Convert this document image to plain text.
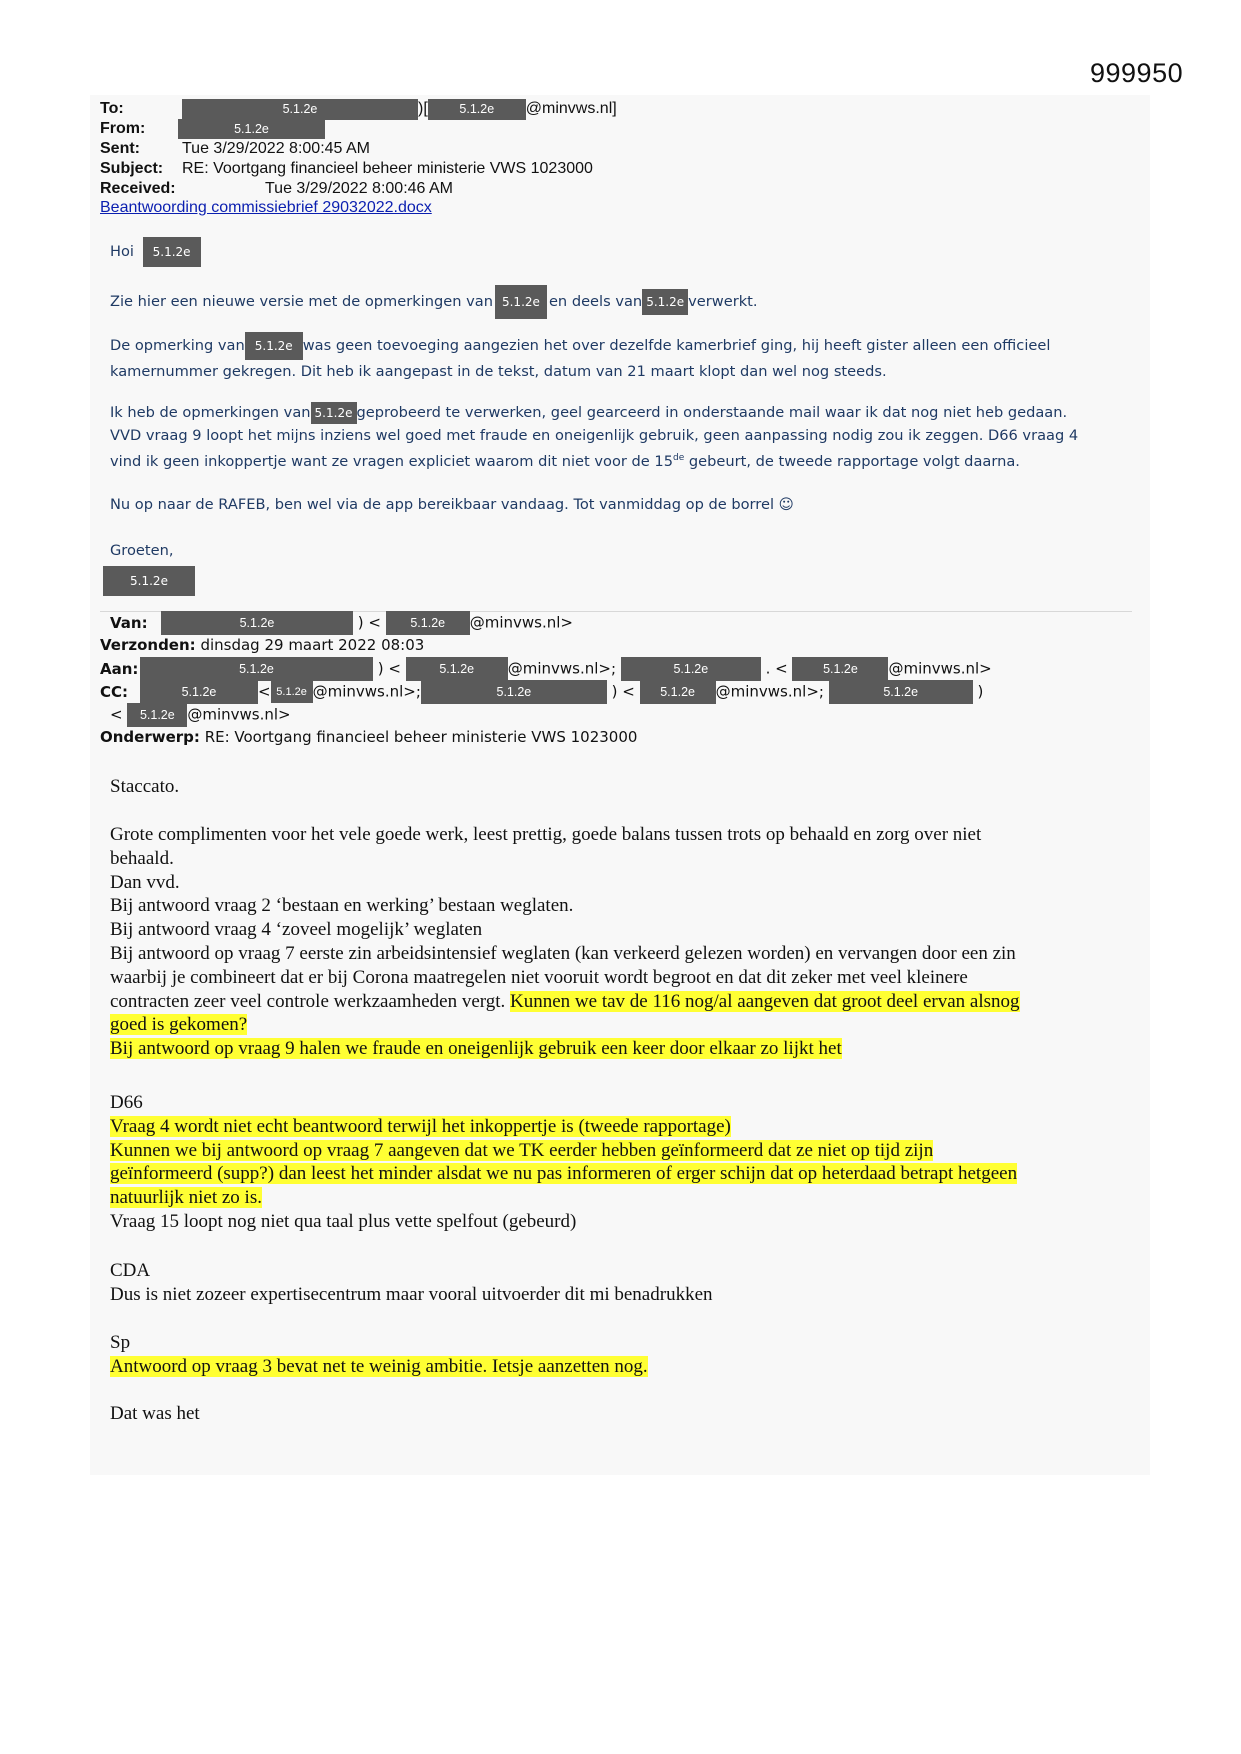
999950
To:	5.1.2e	)[	5.1.2e @minvws.nl]
From:	5.1.2e
Sent:	Tue 3/29/2022 8:00:45 AM
Subject: RE: Voortgang financieel beheer ministerie VWS 1023000
Received:	Tue 3/29/2022 8:00:46 AM
Beantwoording commissiebrief 29032022.docx
Hoi 5.1.2e
Zie hier een nieuwe versie met de opmerkingen van 5.1.2e en deels van 5.1.2e verwerkt.
De opmerking van 5.1.2e was geen toevoeging aangezien het over dezelfde kamerbrief ging, hij heeft gister alleen een officieel
kamernummer gekregen. Dit heb ik aangepast in de tekst, datum van 21 maart klopt dan wel nog steeds.
Ik heb de opmerkingen van 5.1.2e geprobeerd te verwerken, geel gearceerd in onderstaande mail waar ik dat nog niet heb gedaan.
VVD vraag 9 loopt het mijns inziens wel goed met fraude en oneigenlijk gebruik, geen aanpassing nodig zou ik zeggen. D66 vraag 4
vind ik geen inkoppertje want ze vragen expliciet waarom dit niet voor de 15de gebeurt, de tweede rapportage volgt daarna.
Nu op naar de RAFEB, ben wel via de app bereikbaar vandaag. Tot vanmiddag op de borrel ☺
Groeten,
5.1.2e
Van:	5.1.2e	) < 5.1.2e @minvws.nl>
Verzonden: dinsdag 29 maart 2022 08:03
Aan:	5.1.2e	) <	5.1.2e @minvws.nl>;	5.1.2e	. < 5.1.2e @minvws.nl>
CC:	5.1.2e	< 5.1.2e @minvws.nl>;	5.1.2e	) < 5.1.2e @minvws.nl>;	5.1.2e	)
< 5.1.2e @minvws.nl>
Onderwerp: RE: Voortgang financieel beheer ministerie VWS 1023000
Staccato.

Grote complimenten voor het vele goede werk, leest prettig, goede balans tussen trots op behaald en zorg over niet

behaald.

Dan vvd.

Bij antwoord vraag 2 ‘bestaan en werking’ bestaan weglaten.

Bij antwoord vraag 4 ‘zoveel mogelijk’ weglaten

Bij antwoord op vraag 7 eerste zin arbeidsintensief weglaten (kan verkeerd gelezen worden) en vervangen door een zin

waarbij je combineert dat er bij Corona maatregelen niet vooruit wordt begroot en dat dit zeker met veel kleinere

contracten zeer veel controle werkzaamheden vergt. Kunnen we tav de 116 nog/al aangeven dat groot deel ervan alsnog

goed is gekomen?

Bij antwoord op vraag 9 halen we fraude en oneigenlijk gebruik een keer door elkaar zo lijkt het

D66

Vraag 4 wordt niet echt beantwoord terwijl het inkoppertje is (tweede rapportage)

Kunnen we bij antwoord op vraag 7 aangeven dat we TK eerder hebben geïnformeerd dat ze niet op tijd zijn

geïnformeerd (supp?) dan leest het minder alsdat we nu pas informeren of erger schijn dat op heterdaad betrapt hetgeen

natuurlijk niet zo is.

Vraag 15 loopt nog niet qua taal plus vette spelfout (gebeurd)

CDA

Dus is niet zozeer expertisecentrum maar vooral uitvoerder dit mi benadrukken

Sp

Antwoord op vraag 3 bevat net te weinig ambitie. Ietsje aanzetten nog.

Dat was het
